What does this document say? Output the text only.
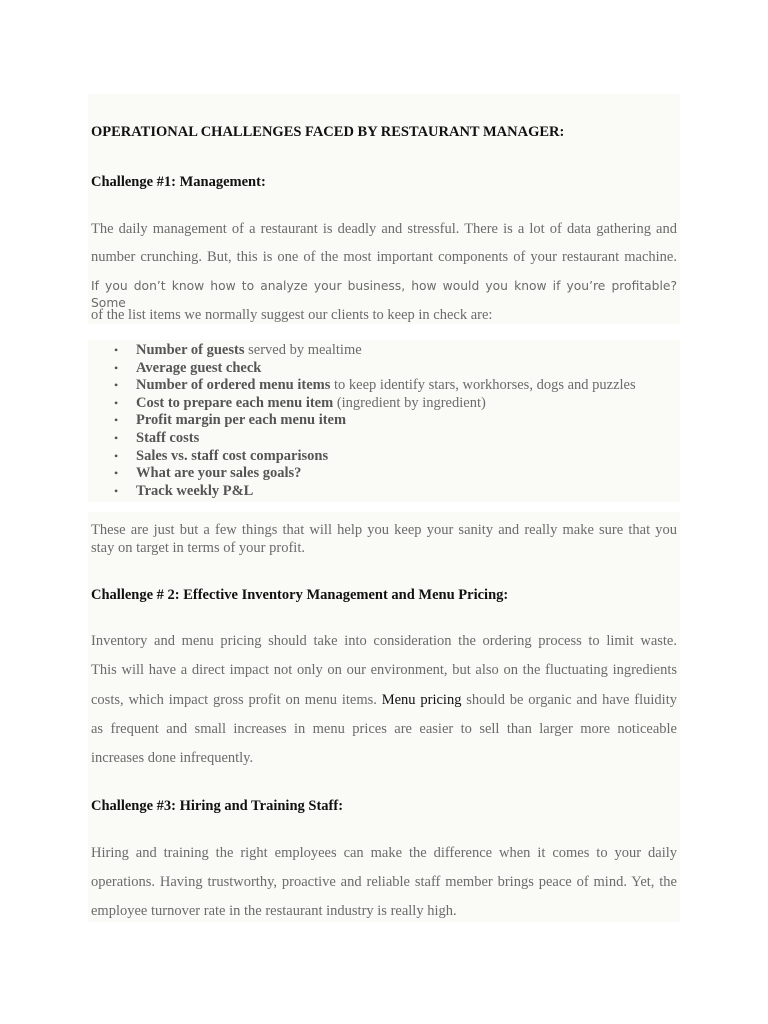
OPERATIONAL CHALLENGES FACED BY RESTAURANT MANAGER:
Challenge #1: Management:

The daily management of a restaurant is deadly and stressful. There is a lot of data gathering and

number crunching. But, this is one of the most important components of your restaurant machine.

If you don’t know how to analyze your business, how would you know if you’re profitable? Some

of the list items we normally suggest our clients to keep in check are:

• Number of guests served by mealtime
• Average guest check
• Number of ordered menu items to keep identify stars, workhorses, dogs and puzzles
• Cost to prepare each menu item (ingredient by ingredient)
• Profit margin per each menu item
• Staff costs
• Sales vs. staff cost comparisons
• What are your sales goals?
• Track weekly P&L

These are just but a few things that will help you keep your sanity and really make sure that you

stay on target in terms of your profit.

Challenge # 2: Effective Inventory Management and Menu Pricing:

Inventory and menu pricing should take into consideration the ordering process to limit waste.

This will have a direct impact not only on our environment, but also on the fluctuating ingredients

costs, which impact gross profit on menu items. Menu pricing should be organic and have fluidity

as frequent and small increases in menu prices are easier to sell than larger more noticeable

increases done infrequently.

Challenge #3: Hiring and Training Staff:

Hiring and training the right employees can make the difference when it comes to your daily

operations. Having trustworthy, proactive and reliable staff member brings peace of mind. Yet, the

employee turnover rate in the restaurant industry is really high.
